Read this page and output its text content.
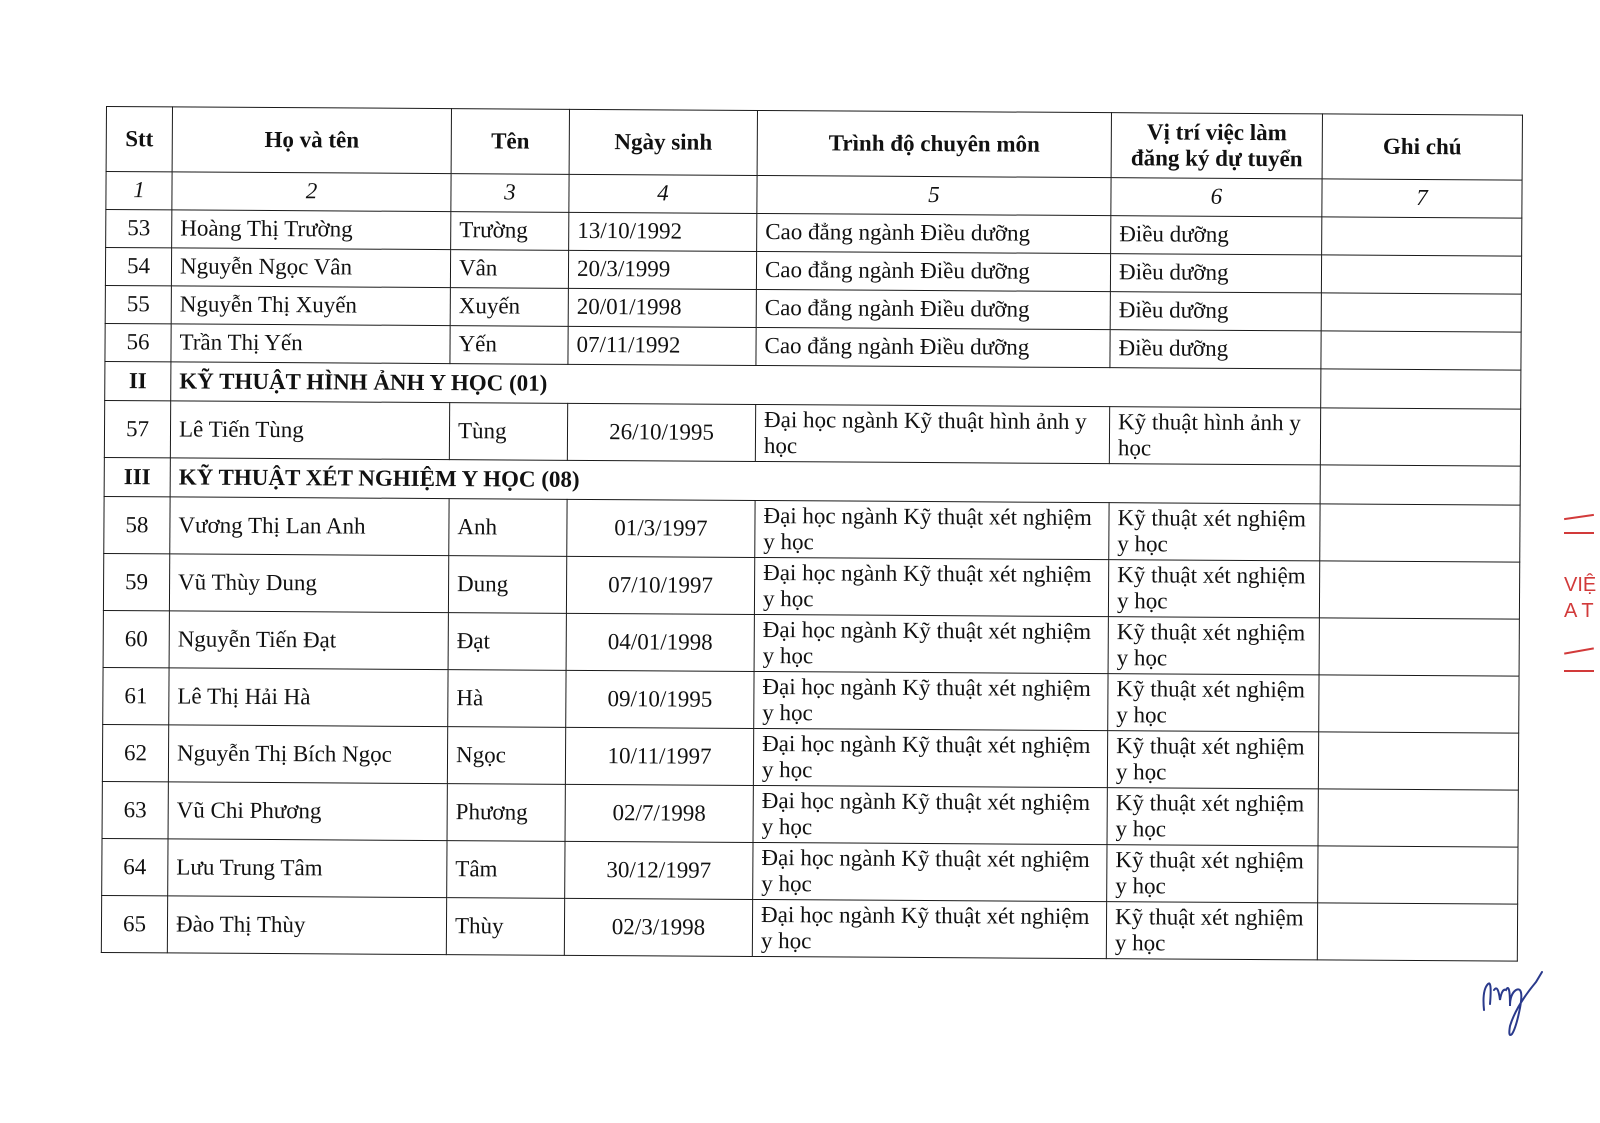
Stt	Họ và tên	Tên	Ngày sinh	Trình độ chuyên môn	Vị trí việc làm đăng ký dự tuyển	Ghi chú
1	2	3	4	5	6	7
53	Hoàng Thị Trường	Trường	13/10/1992	Cao đẳng ngành Điều dưỡng	Điều dưỡng	
54	Nguyễn Ngọc Vân	Vân	20/3/1999	Cao đẳng ngành Điều dưỡng	Điều dưỡng	
55	Nguyễn Thị Xuyến	Xuyến	20/01/1998	Cao đẳng ngành Điều dưỡng	Điều dưỡng	
56	Trần Thị Yến	Yến	07/11/1992	Cao đẳng ngành Điều dưỡng	Điều dưỡng	
II	KỸ THUẬT HÌNH ẢNH Y HỌC (01)					
57	Lê Tiến Tùng	Tùng	26/10/1995	Đại học ngành Kỹ thuật hình ảnh y học	Kỹ thuật hình ảnh y học	
III	KỸ THUẬT XÉT NGHIỆM Y HỌC (08)					
58	Vương Thị Lan Anh	Anh	01/3/1997	Đại học ngành Kỹ thuật xét nghiệm y học	Kỹ thuật xét nghiệm y học	
59	Vũ Thùy Dung	Dung	07/10/1997	Đại học ngành Kỹ thuật xét nghiệm y học	Kỹ thuật xét nghiệm y học	
60	Nguyễn Tiến Đạt	Đạt	04/01/1998	Đại học ngành Kỹ thuật xét nghiệm y học	Kỹ thuật xét nghiệm y học	
61	Lê Thị Hải Hà	Hà	09/10/1995	Đại học ngành Kỹ thuật xét nghiệm y học	Kỹ thuật xét nghiệm y học	
62	Nguyễn Thị Bích Ngọc	Ngọc	10/11/1997	Đại học ngành Kỹ thuật xét nghiệm y học	Kỹ thuật xét nghiệm y học	
63	Vũ Chi Phương	Phương	02/7/1998	Đại học ngành Kỹ thuật xét nghiệm y học	Kỹ thuật xét nghiệm y học	
64	Lưu Trung Tâm	Tâm	30/12/1997	Đại học ngành Kỹ thuật xét nghiệm y học	Kỹ thuật xét nghiệm y học	
65	Đào Thị Thùy	Thùy	02/3/1998	Đại học ngành Kỹ thuật xét nghiệm y học	Kỹ thuật xét nghiệm y học	
VIỆ
A T
